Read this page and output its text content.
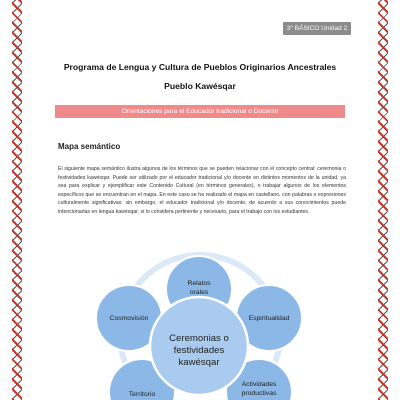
3° BÁSICO Unidad 2
Programa de Lengua y Cultura de Pueblos Originarios Ancestrales
Pueblo Kawésqar
Orientaciones para el Educador tradicional o Docente
Mapa semántico
El siguiente mapa semántico ilustra algunos de los términos que se pueden relacionar con el concepto central: ceremonia o festividades kawésqar. Puede ser utilizado por el educador tradicional y/o docente en distintos momentos de la unidad, ya sea para explicar y ejemplificar este Contenido Cultural (en términos generales), o trabajar algunos de los elementos específicos que se encuentran en el mapa. En este caso se ha realizado el mapa en castellano, con palabras o expresiones culturalmente significativas; sin embargo, el educador tradicional y/o docente, de acuerdo a sus conocimientos puede intencionarlas en lengua kawésqar, si lo considera pertinente y necesario, para el trabajo con los estudiantes.
Relatos
orales
Espiritualidad
Cosmovisión
Actividades
productivas
Territorio
Ceremonias o
festividades
kawésqar
